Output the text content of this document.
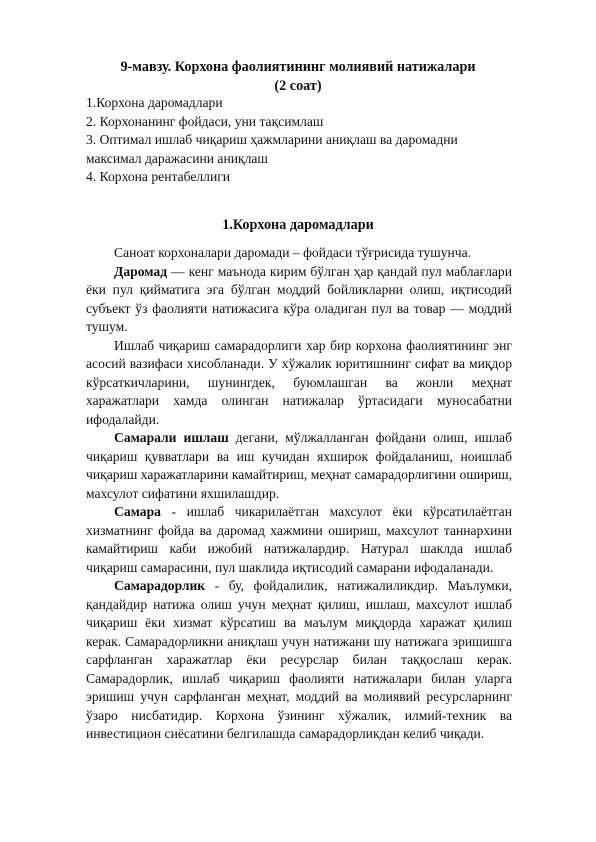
9-мавзу. Корхона фаолиятининг молиявий натижалари
(2 соат)
1.Корхона даромадлари
2. Корхонанинг фойдаси, уни тақсимлаш
3. Оптимал ишлаб чиқариш ҳажмларини аниқлаш ва даромадни максимал даражасини аниқлаш
4. Корхона рентабеллиги
1.Корхона даромадлари

Саноат корхоналари даромади – фойдаси тўғрисида тушунча.

Даромад — кенг маънода кирим бўлган ҳар қандай пул маблағлари ёки пул қийматига эга бўлган моддий бойликларни олиш, иқтисодий субъект ўз фаолияти натижасига кўра оладиган пул ва товар — моддий тушум.

Ишлаб чиқариш самарадорлиги хар бир корхона фаолиятининг энг асосий вазифаси хисобланади. У хўжалик юритишнинг сифат ва миқдор кўрсаткичларини, шунингдек, буюмлашган ва жонли меҳнат харажатлари хамда олинган натижалар ўртасидаги муносабатни ифодалайди.

Самарали ишлаш дегани, мўлжалланган фойдани олиш, ишлаб чиқариш қувватлари ва иш кучидан яхширок фойдаланиш, ноишлаб чиқариш харажатларини камайтириш, меҳнат самарадорлигини ошириш, махсулот сифатини яхшилашдир.

Самара - ишлаб чикарилаётган махсулот ёки кўрсатилаётган хизматнинг фойда ва даромад хажмини ошириш, махсулот таннархини камайтириш каби ижобий натижалардир. Натурал шаклда ишлаб чиқариш самарасини, пул шаклида иқтисодий самарани ифодаланади.

Самарадорлик - бу, фойдалилик, натижалиликдир. Маълумки, қандайдир натижа олиш учун меҳнат қилиш, ишлаш, махсулот ишлаб чиқариш ёки хизмат кўрсатиш ва маълум миқдорда харажат қилиш керак. Самарадорликни аниқлаш учун натижани шу натижага эришишга сарфланган харажатлар ёки ресурслар билан таққослаш керак. Самарадорлик, ишлаб чиқариш фаолияти натижалари билан уларга эришиш учун сарфланган меҳнат, моддий ва молиявий ресурсларнинг ўзаро нисбатидир. Корхона ўзининг хўжалик, илмий-техник ва инвестицион сиёсатини белгилашда самарадорликдан келиб чиқади.
